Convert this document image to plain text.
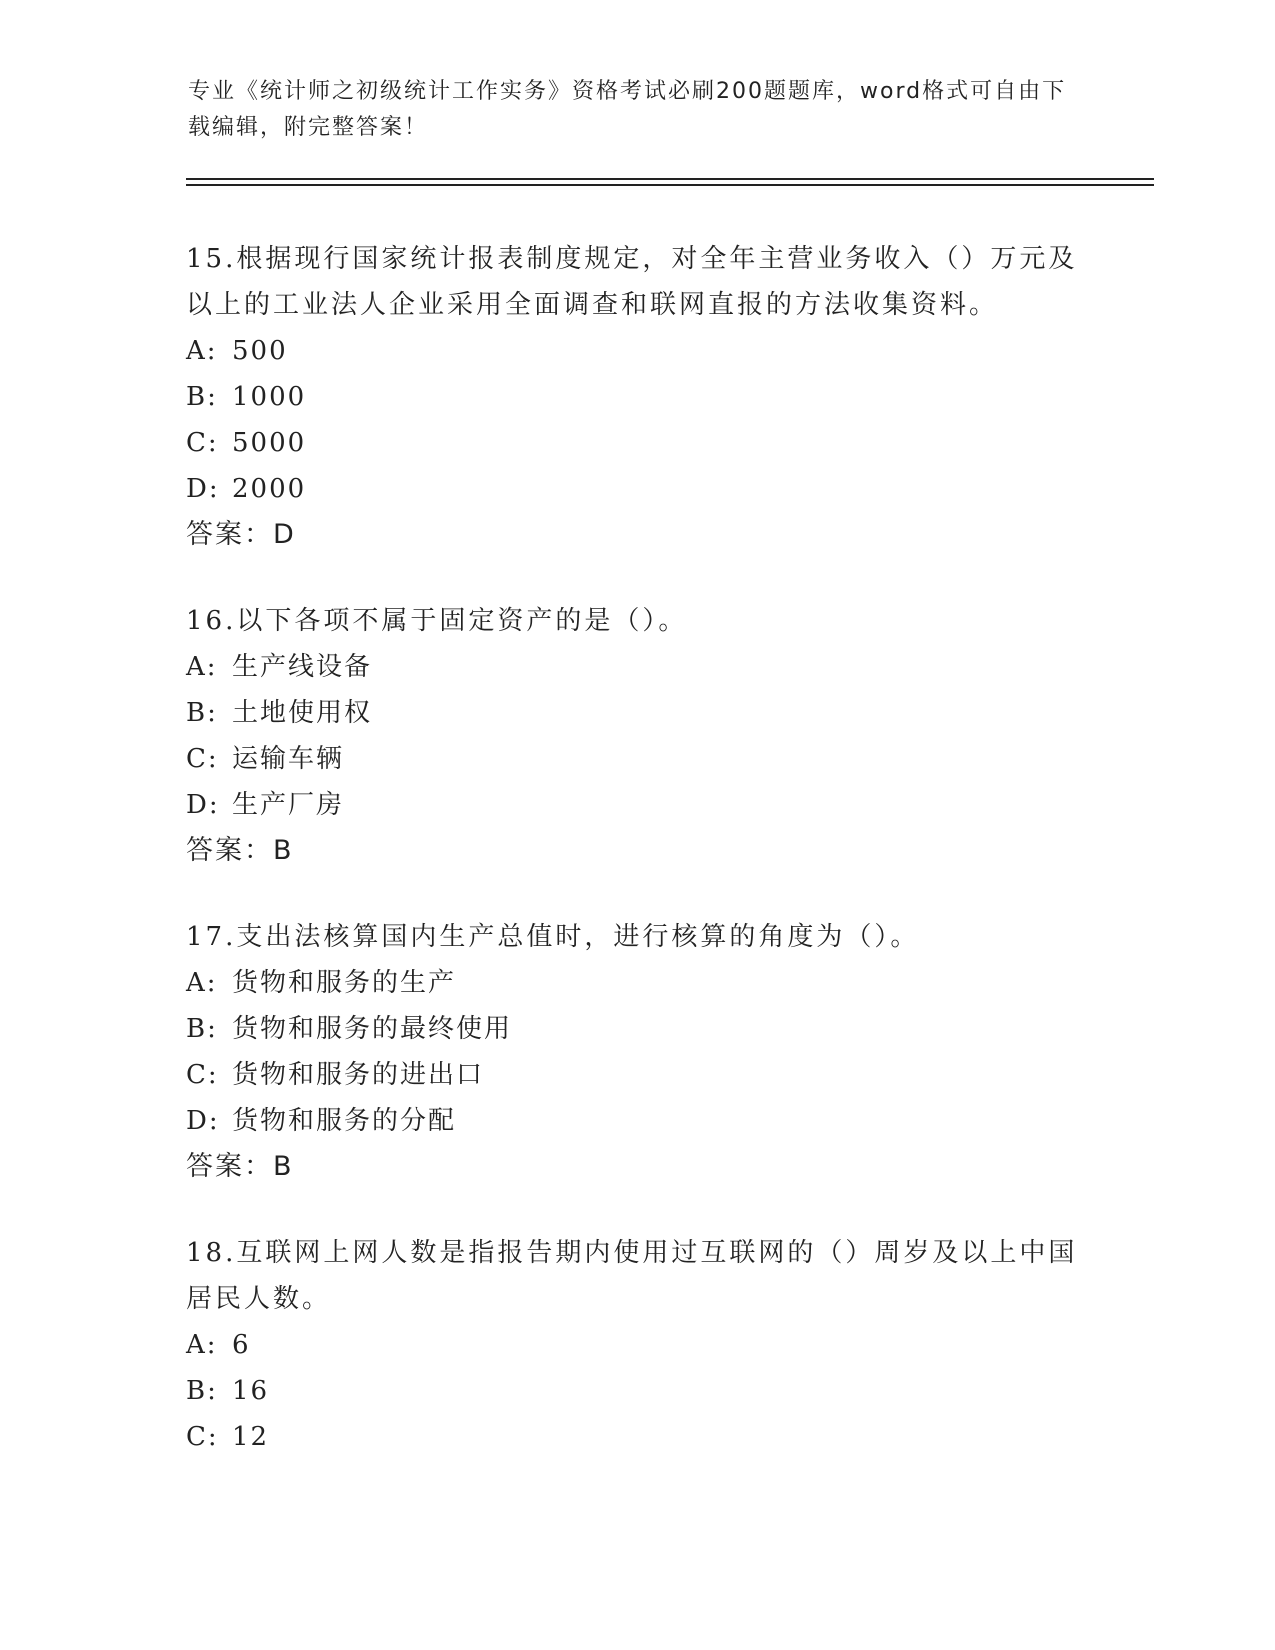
专业《统计师之初级统计工作实务》资格考试必刷200题题库，word格式可自由下载编辑，附完整答案！

15.根据现行国家统计报表制度规定，对全年主营业务收入（）万元及以上的工业法人企业采用全面调查和联网直报的方法收集资料。

A: 500

B: 1000

C: 5000

D: 2000

答案：D

16.以下各项不属于固定资产的是（）。

A: 生产线设备

B: 土地使用权

C: 运输车辆

D: 生产厂房

答案：B

17.支出法核算国内生产总值时，进行核算的角度为（）。

A: 货物和服务的生产

B: 货物和服务的最终使用

C: 货物和服务的进出口

D: 货物和服务的分配

答案：B

18.互联网上网人数是指报告期内使用过互联网的（）周岁及以上中国居民人数。

A: 6

B: 16

C: 12
